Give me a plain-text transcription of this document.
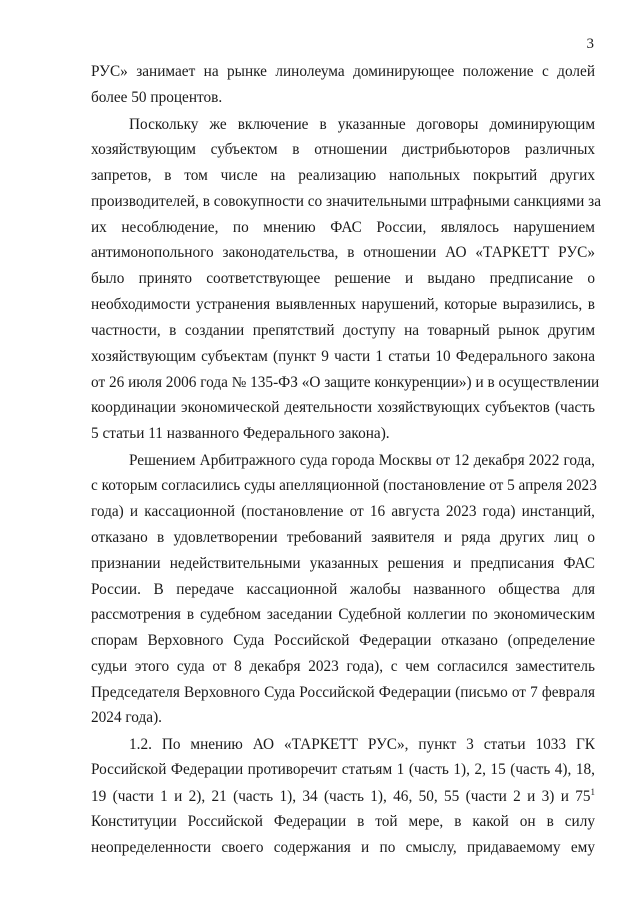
3
РУС» занимает на рынке линолеума доминирующее положение с долей
более 50 процентов.
Поскольку же включение в указанные договоры доминирующим
хозяйствующим субъектом в отношении дистрибьюторов различных
запретов, в том числе на реализацию напольных покрытий других
производителей, в совокупности со значительными штрафными санкциями за
их несоблюдение, по мнению ФАС России, являлось нарушением
антимонопольного законодательства, в отношении АО «ТАРКЕТТ РУС»
было принято соответствующее решение и выдано предписание о
необходимости устранения выявленных нарушений, которые выразились, в
частности, в создании препятствий доступу на товарный рынок другим
хозяйствующим субъектам (пункт 9 части 1 статьи 10 Федерального закона
от 26 июля 2006 года № 135-ФЗ «О защите конкуренции») и в осуществлении
координации экономической деятельности хозяйствующих субъектов (часть
5 статьи 11 названного Федерального закона).
Решением Арбитражного суда города Москвы от 12 декабря 2022 года,
с которым согласились суды апелляционной (постановление от 5 апреля 2023
года) и кассационной (постановление от 16 августа 2023 года) инстанций,
отказано в удовлетворении требований заявителя и ряда других лиц о
признании недействительными указанных решения и предписания ФАС
России. В передаче кассационной жалобы названного общества для
рассмотрения в судебном заседании Судебной коллегии по экономическим
спорам Верховного Суда Российской Федерации отказано (определение
судьи этого суда от 8 декабря 2023 года), с чем согласился заместитель
Председателя Верховного Суда Российской Федерации (письмо от 7 февраля
2024 года).
1.2. По мнению АО «ТАРКЕТТ РУС», пункт 3 статьи 1033 ГК
Российской Федерации противоречит статьям 1 (часть 1), 2, 15 (часть 4), 18,
19 (части 1 и 2), 21 (часть 1), 34 (часть 1), 46, 50, 55 (части 2 и 3) и $75^1$
Конституции Российской Федерации в той мере, в какой он в силу
неопределенности своего содержания и по смыслу, придаваемому ему
